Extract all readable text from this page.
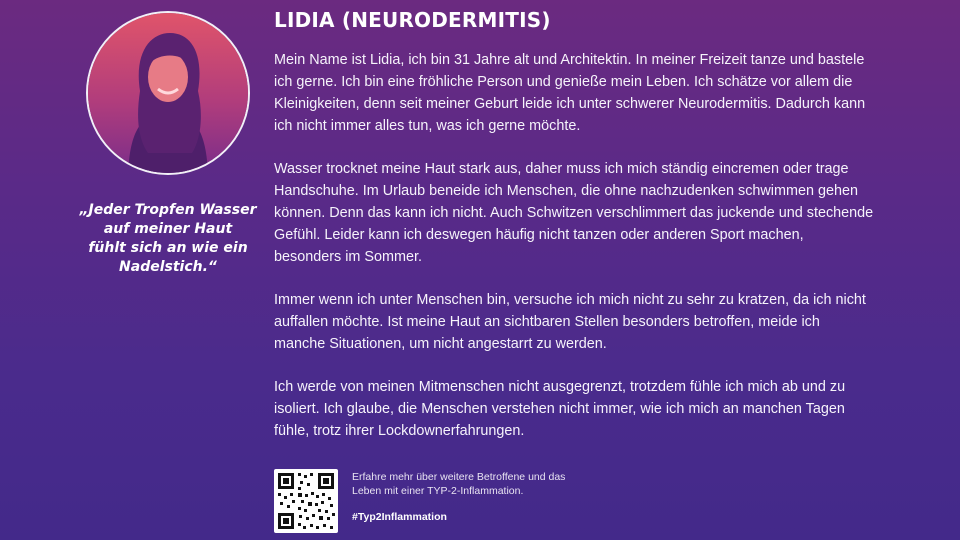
„Jeder Tropfen Wasser
auf meiner Haut
fühlt sich an wie ein
Nadelstich.“
LIDIA (NEURODERMITIS)

Mein Name ist Lidia, ich bin 31 Jahre alt und Architektin. In meiner Freizeit tanze und bastele ich gerne. Ich bin eine fröhliche Person und genieße mein Leben. Ich schätze vor allem die Kleinigkeiten, denn seit meiner Geburt leide ich unter schwerer Neurodermitis. Dadurch kann ich nicht immer alles tun, was ich gerne möchte.

Wasser trocknet meine Haut stark aus, daher muss ich mich ständig eincremen oder trage Handschuhe. Im Urlaub beneide ich Menschen, die ohne nachzudenken schwimmen gehen können. Denn das kann ich nicht. Auch Schwitzen verschlimmert das juckende und stechende Gefühl. Leider kann ich deswegen häufig nicht tanzen oder anderen Sport machen, besonders im Sommer.

Immer wenn ich unter Menschen bin, versuche ich mich nicht zu sehr zu kratzen, da ich nicht auffallen möchte. Ist meine Haut an sichtbaren Stellen besonders betroffen, meide ich manche Situationen, um nicht angestarrt zu werden.

Ich werde von meinen Mitmenschen nicht ausgegrenzt, trotzdem fühle ich mich ab und zu isoliert. Ich glaube, die Menschen verstehen nicht immer, wie ich mich an manchen Tagen fühle, trotz ihrer Lockdownerfahrungen.

Erfahre mehr über weitere Betroffene und das
Leben mit einer TYP-2-Inflammation.
#Typ2Inflammation
